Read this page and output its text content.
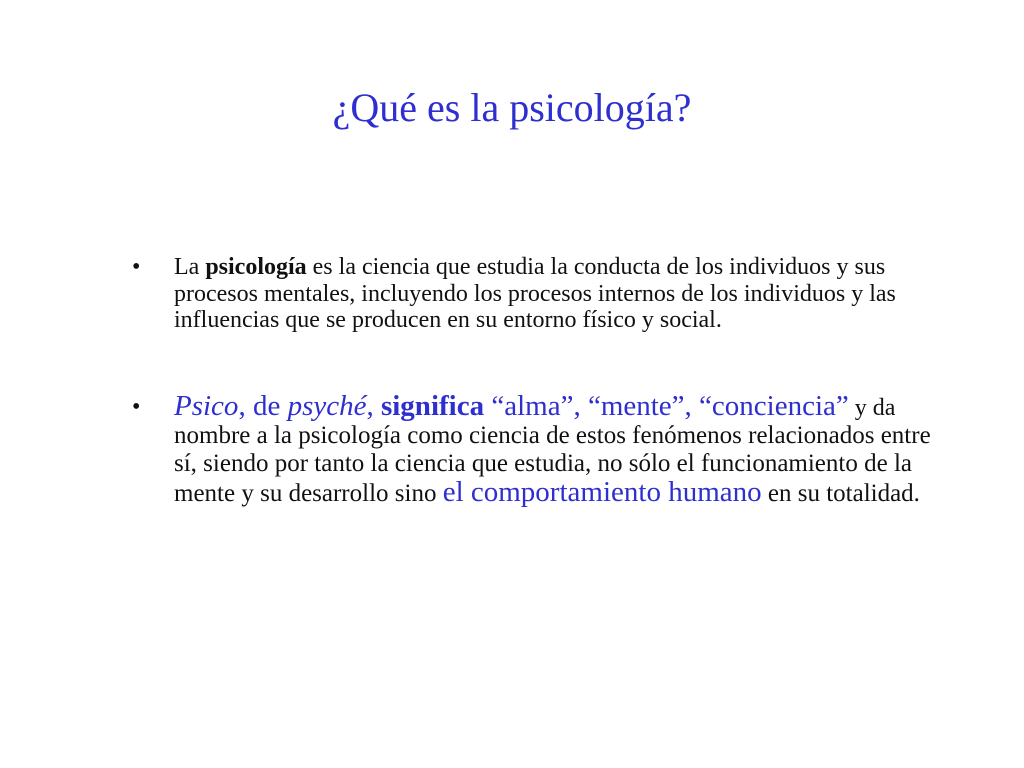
¿Qué es la psicología?
• La psicología es la ciencia que estudia la conducta de los individuos y sus procesos mentales, incluyendo los procesos internos de los individuos y las influencias que se producen en su entorno físico y social.
• Psico, de psyché, significa “alma”, “mente”, “conciencia” y da nombre a la psicología como ciencia de estos fenómenos relacionados entre sí, siendo por tanto la ciencia que estudia, no sólo el funcionamiento de la mente y su desarrollo sino el comportamiento humano en su totalidad.
